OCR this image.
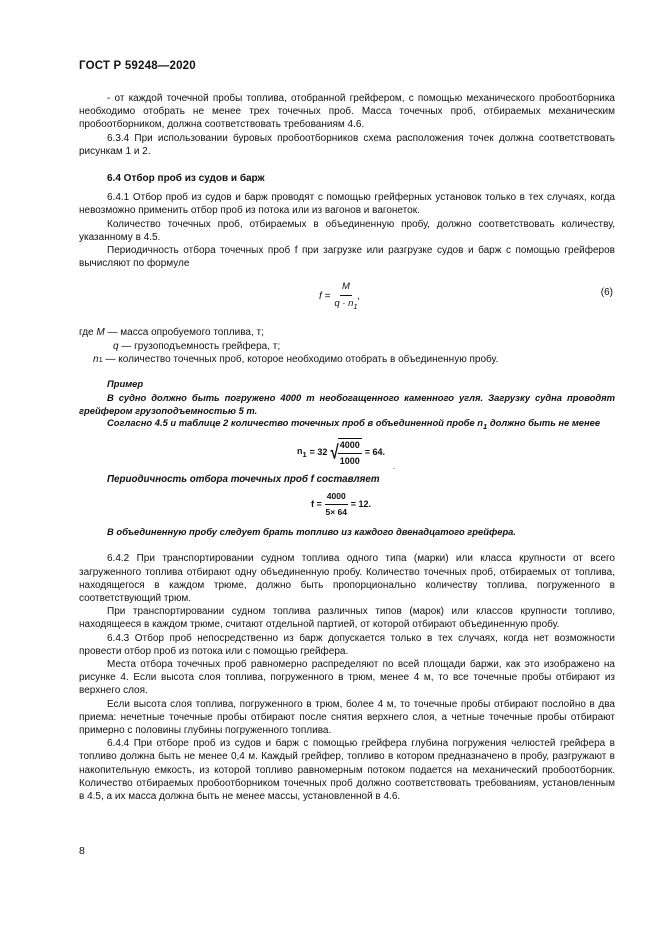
ГОСТ Р 59248—2020

- от каждой точечной пробы топлива, отобранной грейфером, с помощью механического пробоотборника необходимо отобрать не менее трех точечных проб. Масса точечных проб, отбираемых механическим пробоотборником, должна соответствовать требованиям 4.6.

6.3.4 При использовании буровых пробоотборников схема расположения точек должна соответствовать рисункам 1 и 2.

6.4 Отбор проб из судов и барж

6.4.1 Отбор проб из судов и барж проводят с помощью грейферных установок только в тех случаях, когда невозможно применить отбор проб из потока или из вагонов и вагонеток.

Количество точечных проб, отбираемых в объединенную пробу, должно соответствовать количеству, указанному в 4.5.

Периодичность отбора точечных проб f при загрузке или разгрузке судов и барж с помощью грейферов вычисляют по формуле

$f = \frac{M}{q \cdot n_1}$ ,	(6)
где
M
— масса опробуемого топлива, т;
q
— грузоподъемность грейфера, т;
n 1
— количество точечных проб, которое необходимо отобрать в объединенную пробу.
Пример

В судно должно быть погружено 4000 т необогащенного каменного угля. Загрузку судна проводят грейфером грузоподъемностью 5 т.

Согласно 4.5 и таблице 2 количество точечных проб в объединенной пробе $n_1$ должно быть не менее

$n_1 = 32$ √ $\frac{4000}{1000} = 64$.
.
Периодичность отбора точечных проб f составляет
$f = \frac{4000}{5\times 64} = 12$.

В объединенную пробу следует брать топливо из каждого двенадцатого грейфера.

6.4.2 При транспортировании судном топлива одного типа (марки) или класса крупности от всего загруженного топлива отбирают одну объединенную пробу. Количество точечных проб, отбираемых от топлива, находящегося в каждом трюме, должно быть пропорционально количеству топлива, погруженного в соответствующий трюм.

При транспортировании судном топлива различных типов (марок) или классов крупности топливо, находящееся в каждом трюме, считают отдельной партией, от которой отбирают объединенную пробу.

6.4.3 Отбор проб непосредственно из барж допускается только в тех случаях, когда нет возможности провести отбор проб из потока или с помощью грейфера.

Места отбора точечных проб равномерно распределяют по всей площади баржи, как это изображено на рисунке 4. Если высота слоя топлива, погруженного в трюм, менее 4 м, то все точечные пробы отбирают из верхнего слоя.

Если высота слоя топлива, погруженного в трюм, более 4 м, то точечные пробы отбирают послойно в два приема: нечетные точечные пробы отбирают после снятия верхнего слоя, а четные точечные пробы отбирают примерно с половины глубины погруженного топлива.

6.4.4 При отборе проб из судов и барж с помощью грейфера глубина погружения челюстей грейфера в топливо должна быть не менее 0,4 м. Каждый грейфер, топливо в котором предназначено в пробу, разгружают в накопительную емкость, из которой топливо равномерным потоком подается на механический пробоотборник. Количество отбираемых пробоотборником точечных проб должно соответствовать требованиям, установленным в 4.5, а их масса должна быть не менее массы, установленной в 4.6.

8
